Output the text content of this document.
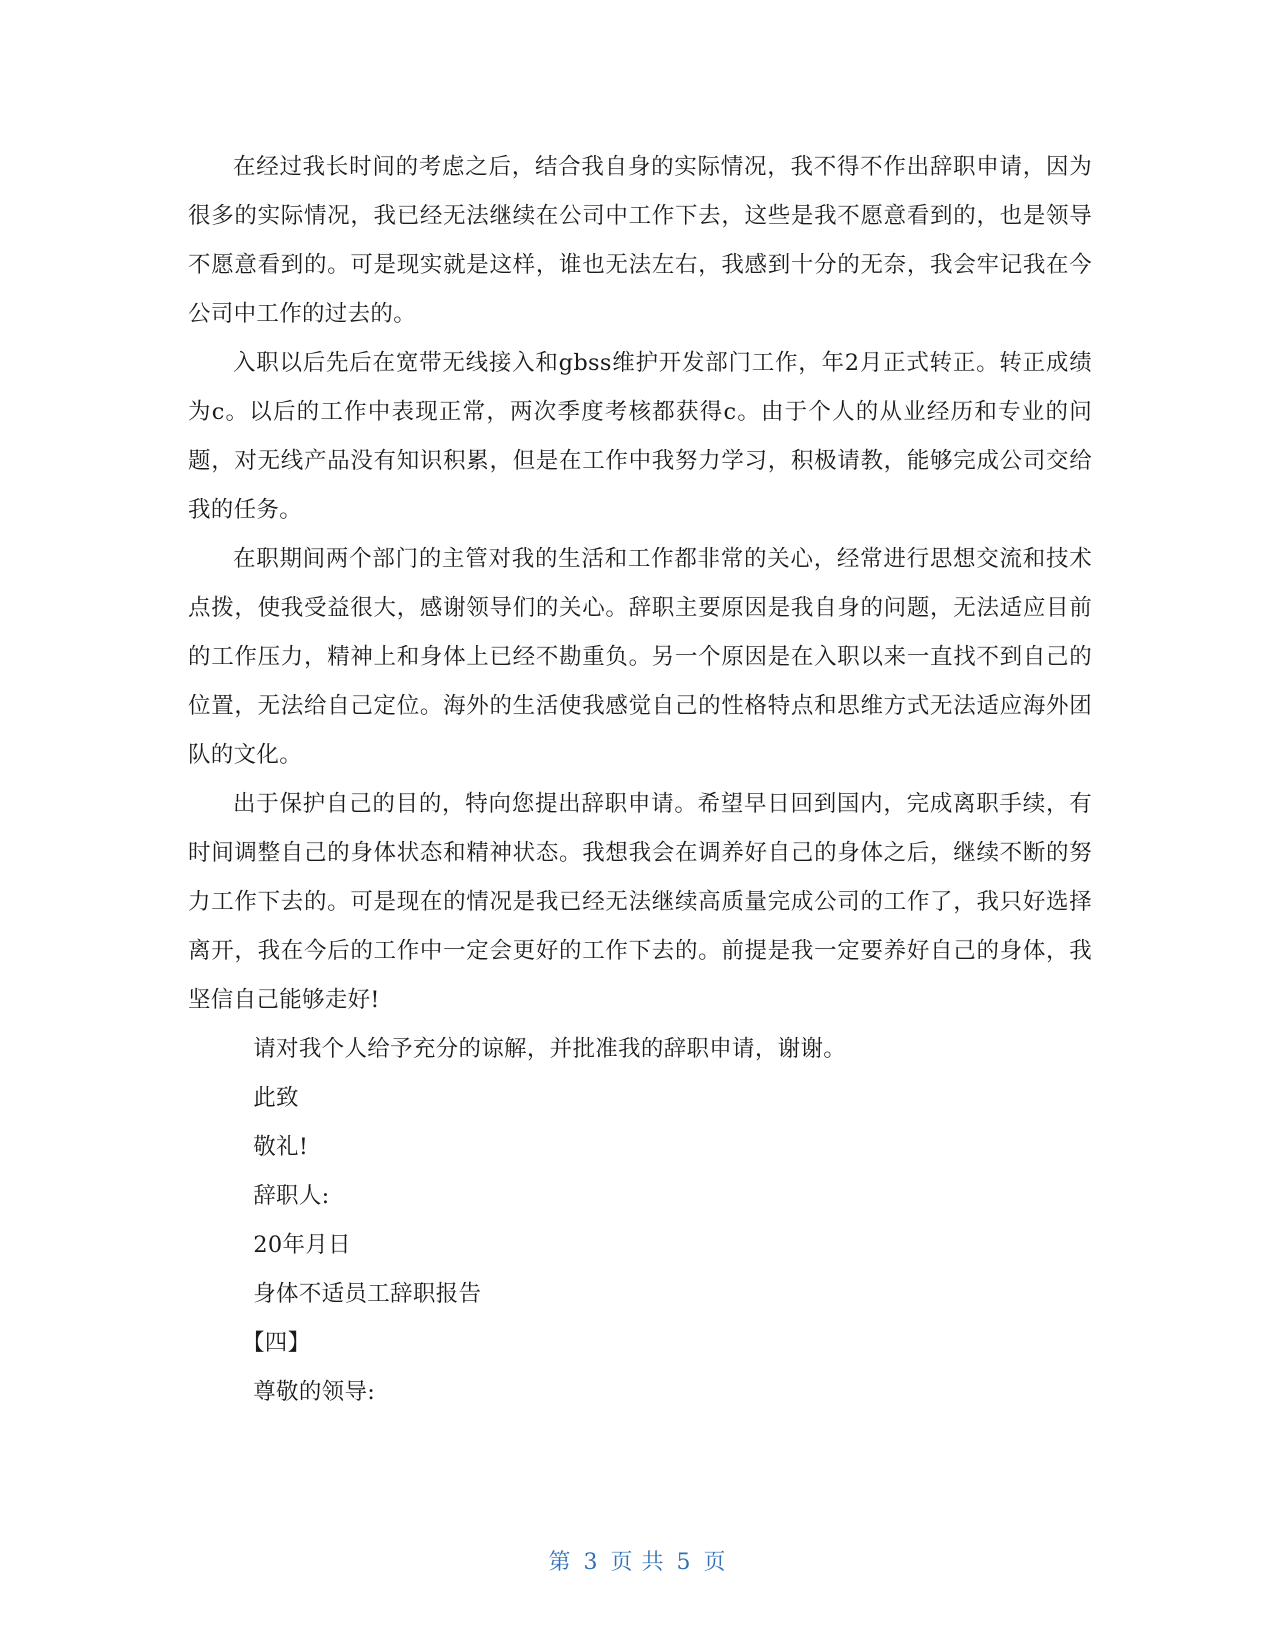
在经过我长时间的考虑之后，结合我自身的实际情况，我不得不作出辞职申请，因为很多的实际情况，我已经无法继续在公司中工作下去，这些是我不愿意看到的，也是领导不愿意看到的。可是现实就是这样，谁也无法左右，我感到十分的无奈，我会牢记我在今公司中工作的过去的。

入职以后先后在宽带无线接入和gbss维护开发部门工作，年2月正式转正。转正成绩为c。以后的工作中表现正常，两次季度考核都获得c。由于个人的从业经历和专业的问题，对无线产品没有知识积累，但是在工作中我努力学习，积极请教，能够完成公司交给我的任务。

在职期间两个部门的主管对我的生活和工作都非常的关心，经常进行思想交流和技术点拨，使我受益很大，感谢领导们的关心。辞职主要原因是我自身的问题，无法适应目前的工作压力，精神上和身体上已经不勘重负。另一个原因是在入职以来一直找不到自己的位置，无法给自己定位。海外的生活使我感觉自己的性格特点和思维方式无法适应海外团队的文化。

出于保护自己的目的，特向您提出辞职申请。希望早日回到国内，完成离职手续，有时间调整自己的身体状态和精神状态。我想我会在调养好自己的身体之后，继续不断的努力工作下去的。可是现在的情况是我已经无法继续高质量完成公司的工作了，我只好选择离开，我在今后的工作中一定会更好的工作下去的。前提是我一定要养好自己的身体，我坚信自己能够走好!

请对我个人给予充分的谅解，并批准我的辞职申请，谢谢。

此致

敬礼!

辞职人:

20年月日

身体不适员工辞职报告

【四】

尊敬的领导:

第 3 页 共 5 页
